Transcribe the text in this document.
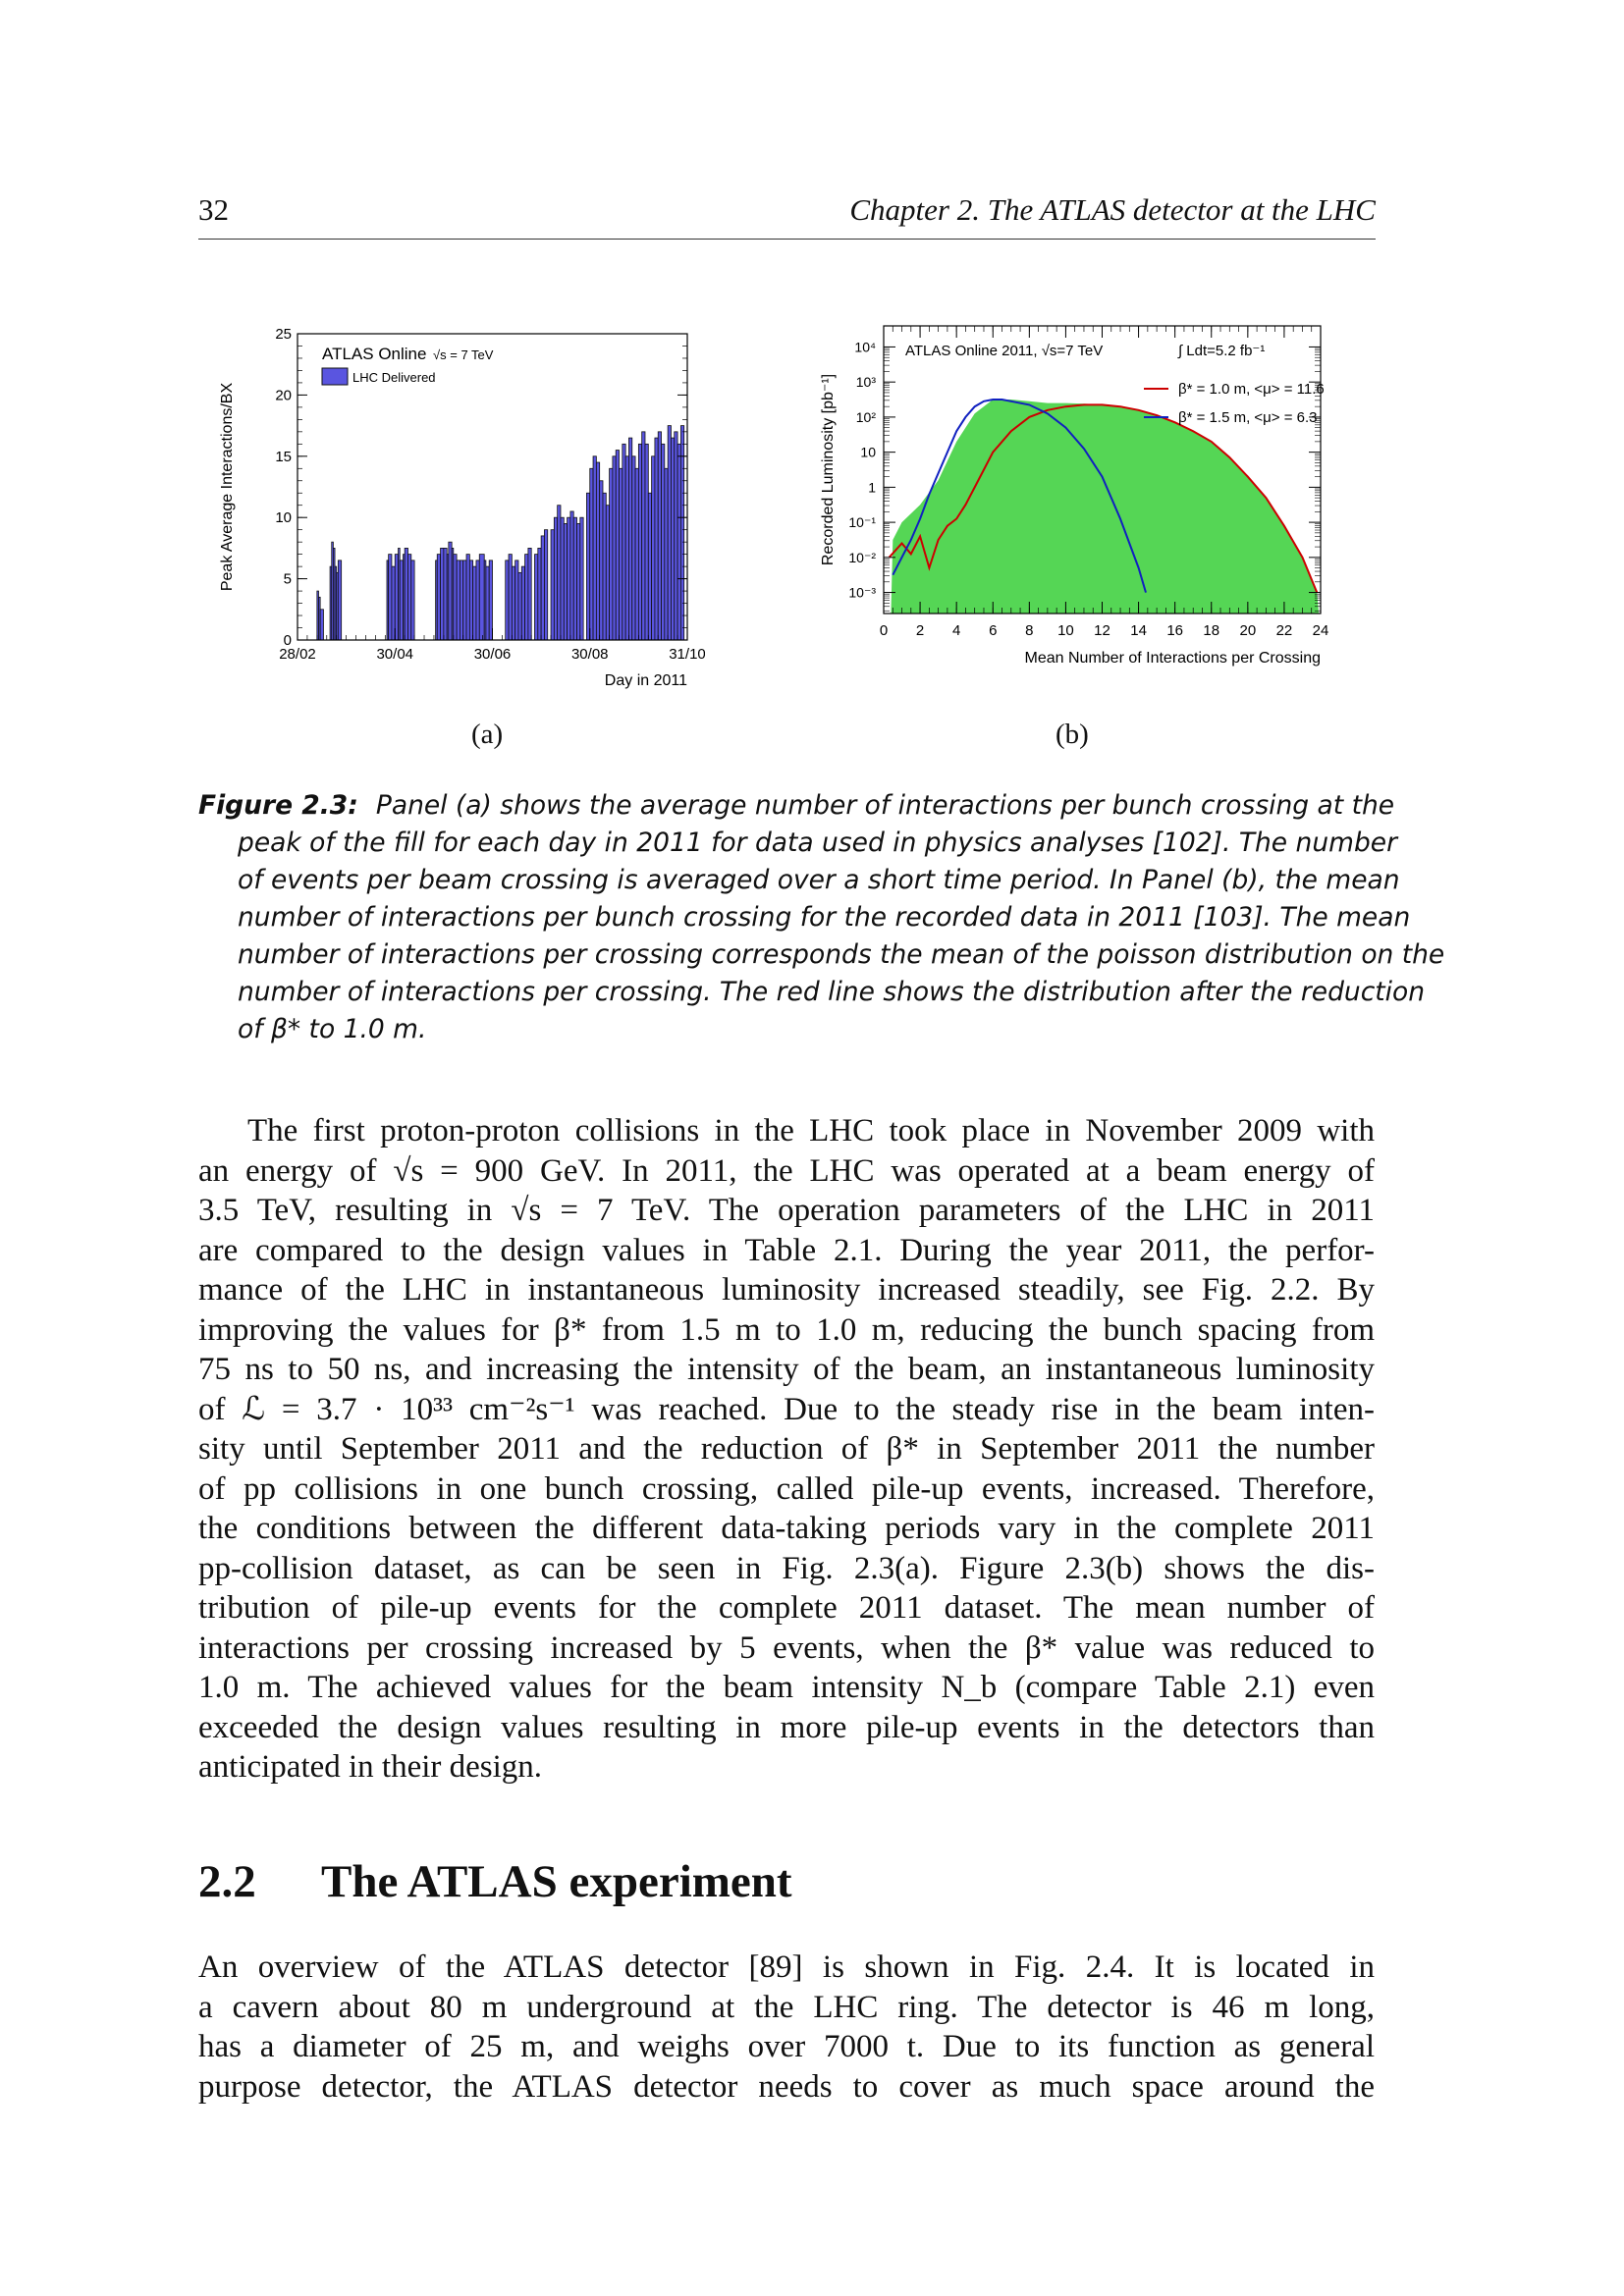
32	Chapter 2. The ATLAS detector at the LHC
0
5
10
15
20
25
28/02	30/04	30/06	30/08	31/10
Day in 2011
Peak Average Interactions/BX
ATLAS Online √s = 7 TeV
LHC Delivered
(a)
0 2 4 6 8 10 12 14 16 18 20 22 24
10⁴
10³
10²
10
1
10⁻¹
10⁻²
10⁻³
Mean Number of Interactions per Crossing
Recorded Luminosity [pb⁻¹]
ATLAS Online 2011, √s=7 TeV	∫ Ldt=5.2 fb⁻¹
β* = 1.0 m, <μ> = 11.6
β* = 1.5 m, <μ> = 6.3
(b)
Figure 2.3: Panel (a) shows the average number of interactions per bunch crossing at the
peak of the fill for each day in 2011 for data used in physics analyses [102]. The number
of events per beam crossing is averaged over a short time period. In Panel (b), the mean
number of interactions per bunch crossing for the recorded data in 2011 [103]. The mean
number of interactions per crossing corresponds the mean of the poisson distribution on the
number of interactions per crossing. The red line shows the distribution after the reduction
of β* to 1.0 m.
The first proton-proton collisions in the LHC took place in November 2009 with
an energy of √s = 900 GeV. In 2011, the LHC was operated at a beam energy of
3.5 TeV, resulting in √s = 7 TeV. The operation parameters of the LHC in 2011
are compared to the design values in Table 2.1. During the year 2011, the perfor-
mance of the LHC in instantaneous luminosity increased steadily, see Fig. 2.2. By
improving the values for β* from 1.5 m to 1.0 m, reducing the bunch spacing from
75 ns to 50 ns, and increasing the intensity of the beam, an instantaneous luminosity
of ℒ = 3.7 · 10³³ cm⁻²s⁻¹ was reached. Due to the steady rise in the beam inten-
sity until September 2011 and the reduction of β* in September 2011 the number
of pp collisions in one bunch crossing, called pile-up events, increased. Therefore,
the conditions between the different data-taking periods vary in the complete 2011
pp-collision dataset, as can be seen in Fig. 2.3(a). Figure 2.3(b) shows the dis-
tribution of pile-up events for the complete 2011 dataset. The mean number of
interactions per crossing increased by 5 events, when the β* value was reduced to
1.0 m. The achieved values for the beam intensity N_b (compare Table 2.1) even
exceeded the design values resulting in more pile-up events in the detectors than
anticipated in their design.
2.2 The ATLAS experiment
An overview of the ATLAS detector [89] is shown in Fig. 2.4. It is located in
a cavern about 80 m underground at the LHC ring. The detector is 46 m long,
has a diameter of 25 m, and weighs over 7000 t. Due to its function as general
purpose detector, the ATLAS detector needs to cover as much space around the
